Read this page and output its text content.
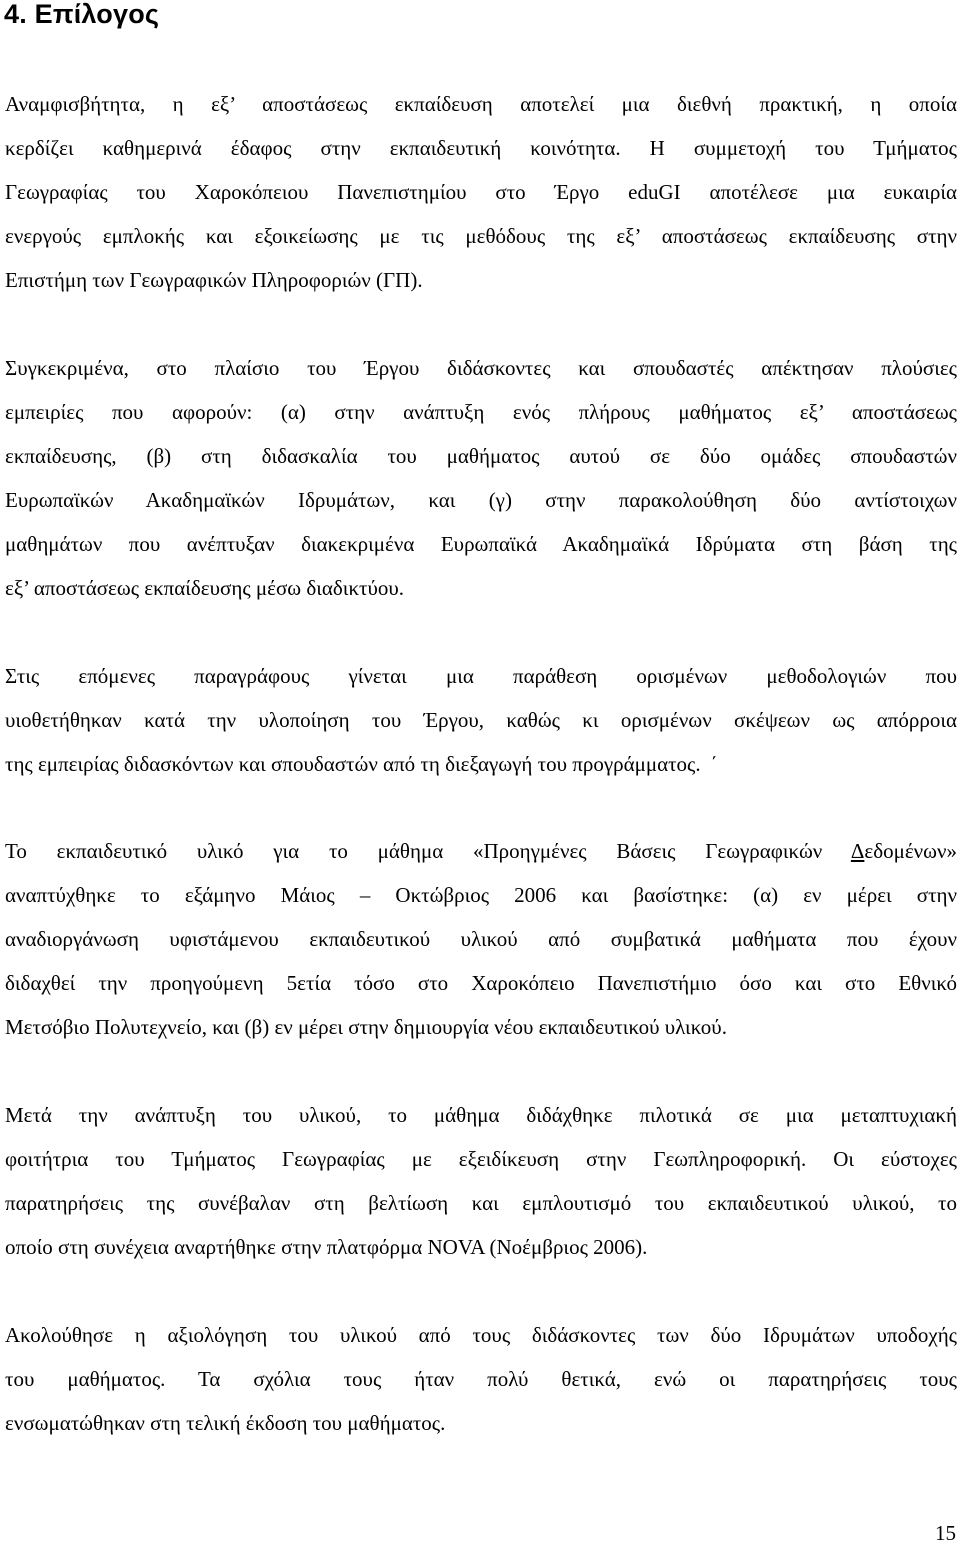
4. Επίλογος
Αναμφισβήτητα, η εξ’ αποστάσεως εκπαίδευση αποτελεί μια διεθνή πρακτική, η οποία
κερδίζει καθημερινά έδαφος στην εκπαιδευτική κοινότητα. Η συμμετοχή του Τμήματος
Γεωγραφίας του Χαροκόπειου Πανεπιστημίου στο Έργο eduGI αποτέλεσε μια ευκαιρία
ενεργούς εμπλοκής και εξοικείωσης με τις μεθόδους της εξ’ αποστάσεως εκπαίδευσης στην
Επιστήμη των Γεωγραφικών Πληροφοριών (ΓΠ).
Συγκεκριμένα, στο πλαίσιο του Έργου διδάσκοντες και σπουδαστές απέκτησαν πλούσιες
εμπειρίες που αφορούν: (α) στην ανάπτυξη ενός πλήρους μαθήματος εξ’ αποστάσεως
εκπαίδευσης, (β) στη διδασκαλία του μαθήματος αυτού σε δύο ομάδες σπουδαστών
Ευρωπαϊκών Ακαδημαϊκών Ιδρυμάτων, και (γ) στην παρακολούθηση δύο αντίστοιχων
μαθημάτων που ανέπτυξαν διακεκριμένα Ευρωπαϊκά Ακαδημαϊκά Ιδρύματα στη βάση της
εξ’ αποστάσεως εκπαίδευσης μέσω διαδικτύου.
Στις επόμενες παραγράφους γίνεται μια παράθεση ορισμένων μεθοδολογιών που
υιοθετήθηκαν κατά την υλοποίηση του Έργου, καθώς κι ορισμένων σκέψεων ως απόρροια
της εμπειρίας διδασκόντων και σπουδαστών από τη διεξαγωγή του προγράμματος. ΄
Το εκπαιδευτικό υλικό για το μάθημα «Προηγμένες Βάσεις Γεωγραφικών Δεδομένων»
αναπτύχθηκε το εξάμηνο Μάιος – Οκτώβριος 2006 και βασίστηκε: (α) εν μέρει στην
αναδιοργάνωση υφιστάμενου εκπαιδευτικού υλικού από συμβατικά μαθήματα που έχουν
διδαχθεί την προηγούμενη 5ετία τόσο στο Χαροκόπειο Πανεπιστήμιο όσο και στο Εθνικό
Μετσόβιο Πολυτεχνείο, και (β) εν μέρει στην δημιουργία νέου εκπαιδευτικού υλικού.
Μετά την ανάπτυξη του υλικού, το μάθημα διδάχθηκε πιλοτικά σε μια μεταπτυχιακή
φοιτήτρια του Τμήματος Γεωγραφίας με εξειδίκευση στην Γεωπληροφορική. Οι εύστοχες
παρατηρήσεις της συνέβαλαν στη βελτίωση και εμπλουτισμό του εκπαιδευτικού υλικού, το
οποίο στη συνέχεια αναρτήθηκε στην πλατφόρμα NOVA (Νοέμβριος 2006).
Ακολούθησε η αξιολόγηση του υλικού από τους διδάσκοντες των δύο Ιδρυμάτων υποδοχής
του μαθήματος. Τα σχόλια τους ήταν πολύ θετικά, ενώ οι παρατηρήσεις τους
ενσωματώθηκαν στη τελική έκδοση του μαθήματος.
15
